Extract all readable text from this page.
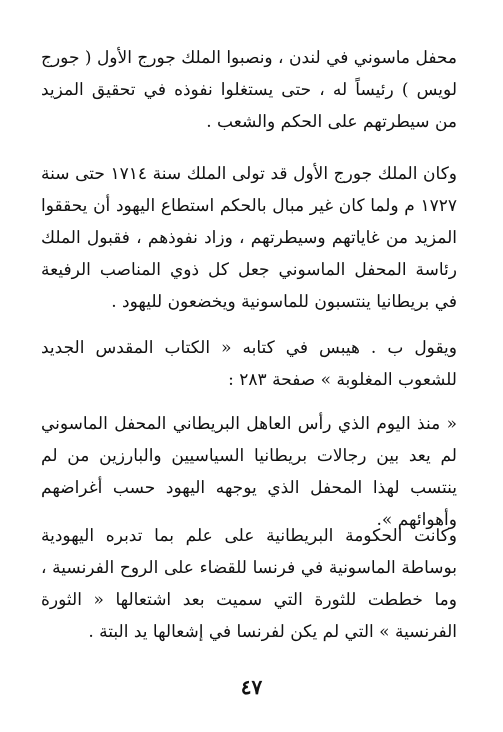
محفل ماسوني في لندن ، ونصبوا الملك جورج الأول ( جورج لويس ) رئيساً له ، حتى يستغلوا نفوذه في تحقيق المزيد من سيطرتهم على الحكم والشعب .

وكان الملك جورج الأول قد تولى الملك سنة ١٧١٤ حتى سنة ١٧٢٧ م ولما كان غير مبال بالحكم استطاع اليهود أن يحققوا المزيد من غاياتهم وسيطرتهم ، وزاد نفوذهم ، فقبول الملك رئاسة المحفل الماسوني جعل كل ذوي المناصب الرفيعة في بريطانيا ينتسبون للماسونية ويخضعون لليهود .

ويقول ب . هيبس في كتابه « الكتاب المقدس الجديد للشعوب المغلوبة » صفحة ٢٨٣ :

« منذ اليوم الذي رأس العاهل البريطاني المحفل الماسوني لم يعد بين رجالات بريطانيا السياسيين والبارزين من لم ينتسب لهذا المحفل الذي يوجهه اليهود حسب أغراضهم وأهوائهم ».

وكانت الحكومة البريطانية على علم بما تدبره اليهودية بوساطة الماسونية في فرنسا للقضاء على الروح الفرنسية ، وما خططت للثورة التي سميت بعد اشتعالها « الثورة الفرنسية » التي لم يكن لفرنسا في إشعالها يد البتة .

٤٧
